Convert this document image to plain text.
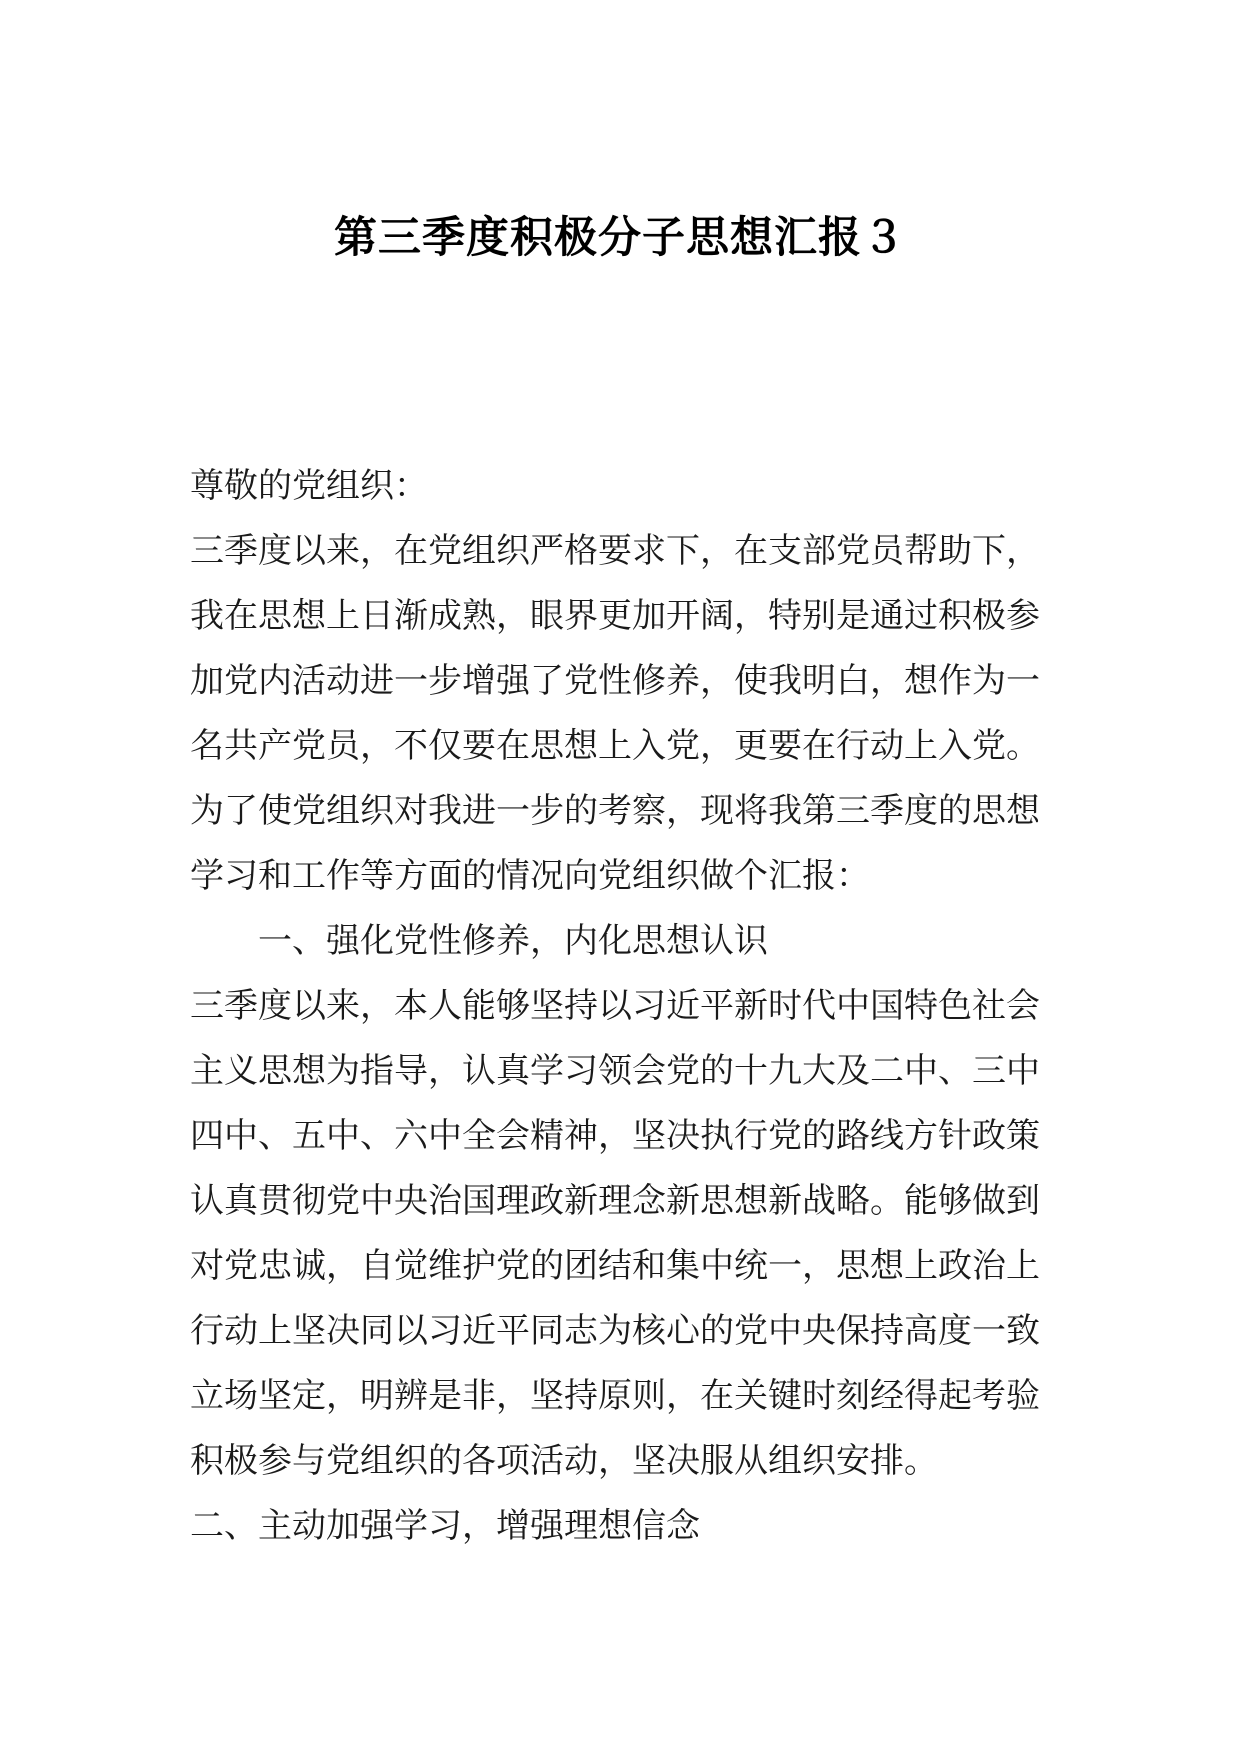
第三季度积极分子思想汇报３
尊敬的党组织：
三季度以来，在党组织严格要求下，在支部党员帮助下，
我在思想上日渐成熟，眼界更加开阔，特别是通过积极参
加党内活动进一步增强了党性修养，使我明白，想作为一
名共产党员，不仅要在思想上入党，更要在行动上入党。
为了使党组织对我进一步的考察，现将我第三季度的思想
学习和工作等方面的情况向党组织做个汇报：
一、强化党性修养，内化思想认识
三季度以来，本人能够坚持以习近平新时代中国特色社会
主义思想为指导，认真学习领会党的十九大及二中、三中
四中、五中、六中全会精神，坚决执行党的路线方针政策
认真贯彻党中央治国理政新理念新思想新战略。能够做到
对党忠诚，自觉维护党的团结和集中统一，思想上政治上
行动上坚决同以习近平同志为核心的党中央保持高度一致
立场坚定，明辨是非，坚持原则，在关键时刻经得起考验
积极参与党组织的各项活动，坚决服从组织安排。
二、主动加强学习，增强理想信念
